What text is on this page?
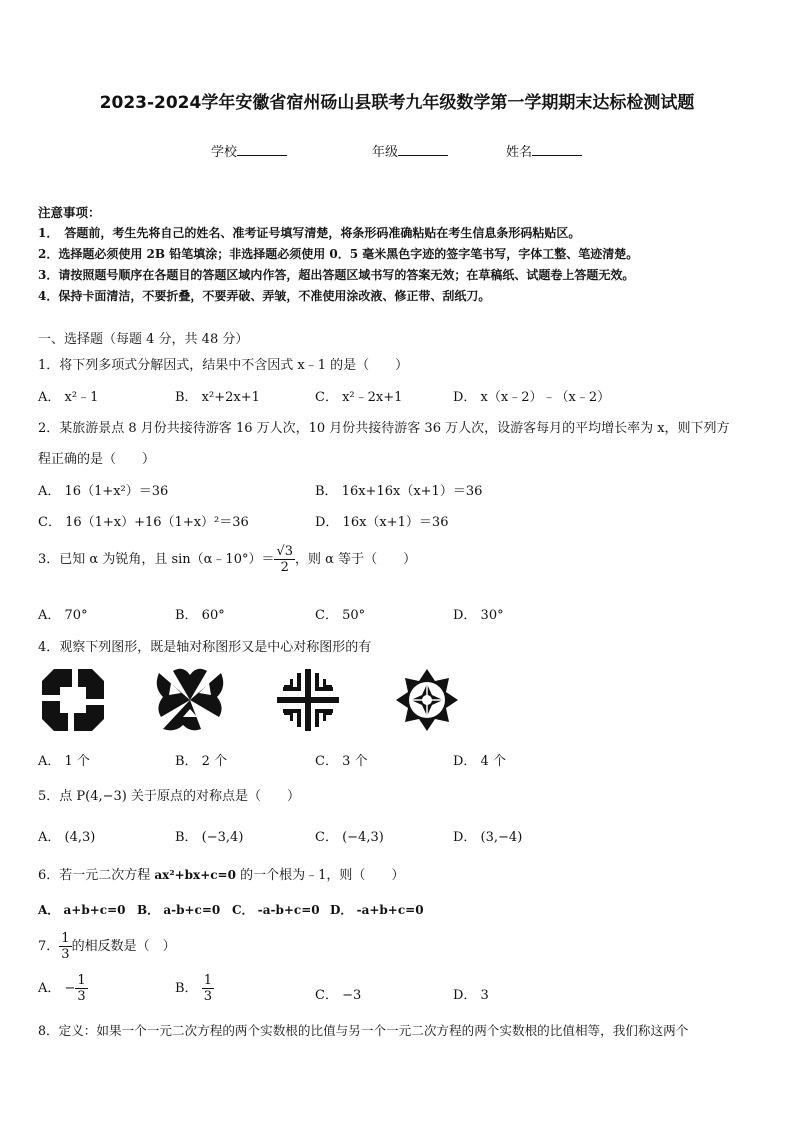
2023-2024学年安徽省宿州砀山县联考九年级数学第一学期期末达标检测试题
学校	年级	姓名
注意事项：
1．　答题前，考生先将自己的姓名、准考证号填写清楚，将条形码准确粘贴在考生信息条形码粘贴区。
2．选择题必须使用 2B 铅笔填涂；非选择题必须使用 0．5 毫米黑色字迹的签字笔书写，字体工整、笔迹清楚。
3．请按照题号顺序在各题目的答题区域内作答，超出答题区域书写的答案无效；在草稿纸、试题卷上答题无效。
4．保持卡面清洁，不要折叠，不要弄破、弄皱，不准使用涂改液、修正带、刮纸刀。
一、选择题（每题 4 分，共 48 分）
1．将下列多项式分解因式，结果中不含因式 x﹣1 的是（　　）
A． x²﹣1	B． x²+2x+1	C． x²﹣2x+1	D． x（x﹣2）﹣（x﹣2）
2．某旅游景点 8 月份共接待游客 16 万人次，10 月份共接待游客 36 万人次，设游客每月的平均增长率为 x，则下列方
程正确的是（　　）
A． 16（1+x²）＝36	B． 16x+16x（x+1）＝36
C． 16（1+x）+16（1+x）²＝36	D． 16x（x+1）＝36
3．已知 α 为锐角，且 sin（α﹣10°）＝ $\frac{√3}{2}$ ，则 α 等于（　　）
A． 70°	B． 60°	C． 50°	D． 30°
4．观察下列图形，既是轴对称图形又是中心对称图形的有
A． 1 个	B． 2 个	C． 3 个	D． 4 个
5．点 P(4,−3) 关于原点的对称点是（　　）
A． (4,3)	B． (−3,4)	C． (−4,3)	D． (3,−4)
6．若一元二次方程 ax²+bx+c=0 的一个根为﹣1，则（　　）
A． a+b+c=0 B． a-b+c=0 C． -a-b+c=0 D． -a+b+c=0
7． $\frac{1}{3}$ 的相反数是（　）
A． − $\frac{1}{3}$	B． $\frac{1}{3}$	C． −3	D． 3
8．定义：如果一个一元二次方程的两个实数根的比值与另一个一元二次方程的两个实数根的比值相等，我们称这两个
